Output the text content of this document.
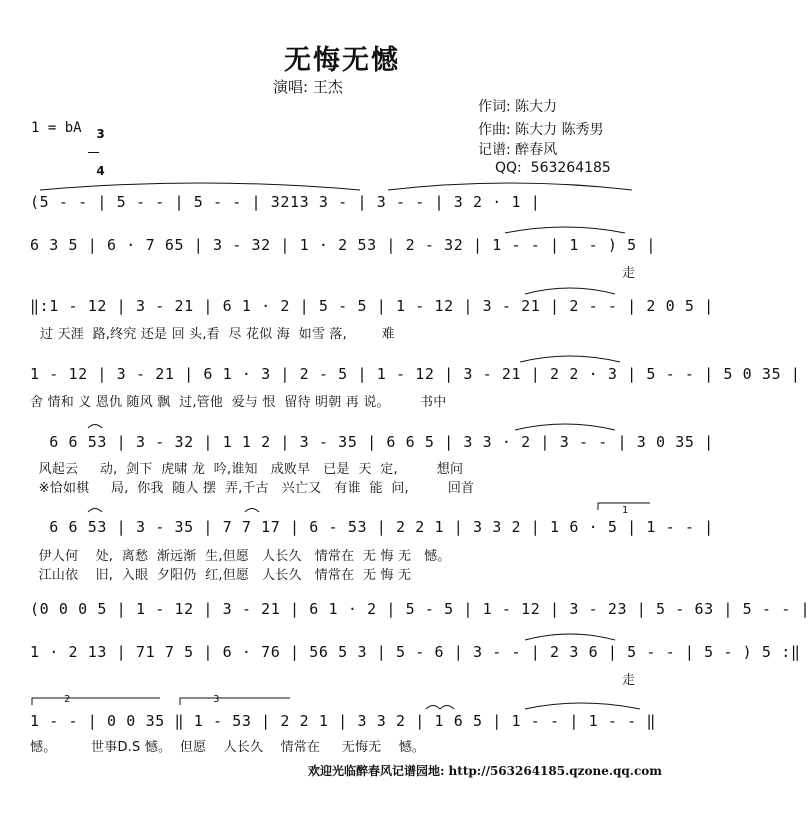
无悔无憾
演唱: 王杰
作词: 陈大力
作曲: 陈大力 陈秀男
记谱: 醉春风
QQ:  563264185
1 = bA	3

4

(5 - - | 5 - - | 5 - - | 3213 3 - | 3 - - | 3 2 · 1 |
6 3 5 | 6 · 7 65 | 3 - 32 | 1 · 2 53 | 2 - 32 | 1 - - | 1 - ) 5 |
走
‖:1 - 12 | 3 - 21 | 6 1 · 2 | 5 - 5 | 1 - 12 | 3 - 21 | 2 - - | 2 0 5 |
过 天涯  路,终究 还是 回 头,看  尽 花似 海  如雪 落,        难
1 - 12 | 3 - 21 | 6 1 · 3 | 2 - 5 | 1 - 12 | 3 - 21 | 2 2 · 3 | 5 - - | 5 0 35 |
舍 情和 义 恩仇 随风 飘  过,管他  爱与 恨  留待 明朝 再 说。       书中
6 6 53 | 3 - 32 | 1 1 2 | 3 - 35 | 6 6 5 | 3 3 · 2 | 3 - - | 3 0 35 |
风起云     动,  剑下  虎啸 龙  吟,谁知   成败早   已是  天  定,         想问
※恰如棋     局,  你我  随人 摆  弄,千古   兴亡又   有谁  能  问,         回首
6 6 53 | 3 - 35 | 7 7 17 | 6 - 53 | 2 2 1 | 3 3 2 | 1 6 · 5 | 1 - - |
伊人何    处,  离愁  渐远渐  生,但愿   人长久   情常在  无 悔 无   憾。
江山依    旧,  入眼  夕阳仍  红,但愿   人长久   情常在  无 悔 无
(0 0 0 5 | 1 - 12 | 3 - 21 | 6 1 · 2 | 5 - 5 | 1 - 12 | 3 - 23 | 5 - 63 | 5 - - |
1 · 2 13 | 71 7 5 | 6 · 76 | 56 5 3 | 5 - 6 | 3 - - | 2 3 6 | 5 - - | 5 - ) 5 :‖
走
1 - - | 0 0 35 ‖ 1 - 53 | 2 2 1 | 3 3 2 | 1 6 5 | 1 - - | 1 - - ‖
憾。        世事D.S 憾。  但愿    人长久    情常在     无悔无    憾。
1
2	3
欢迎光临醉春风记谱园地: http://563264185.qzone.qq.com
